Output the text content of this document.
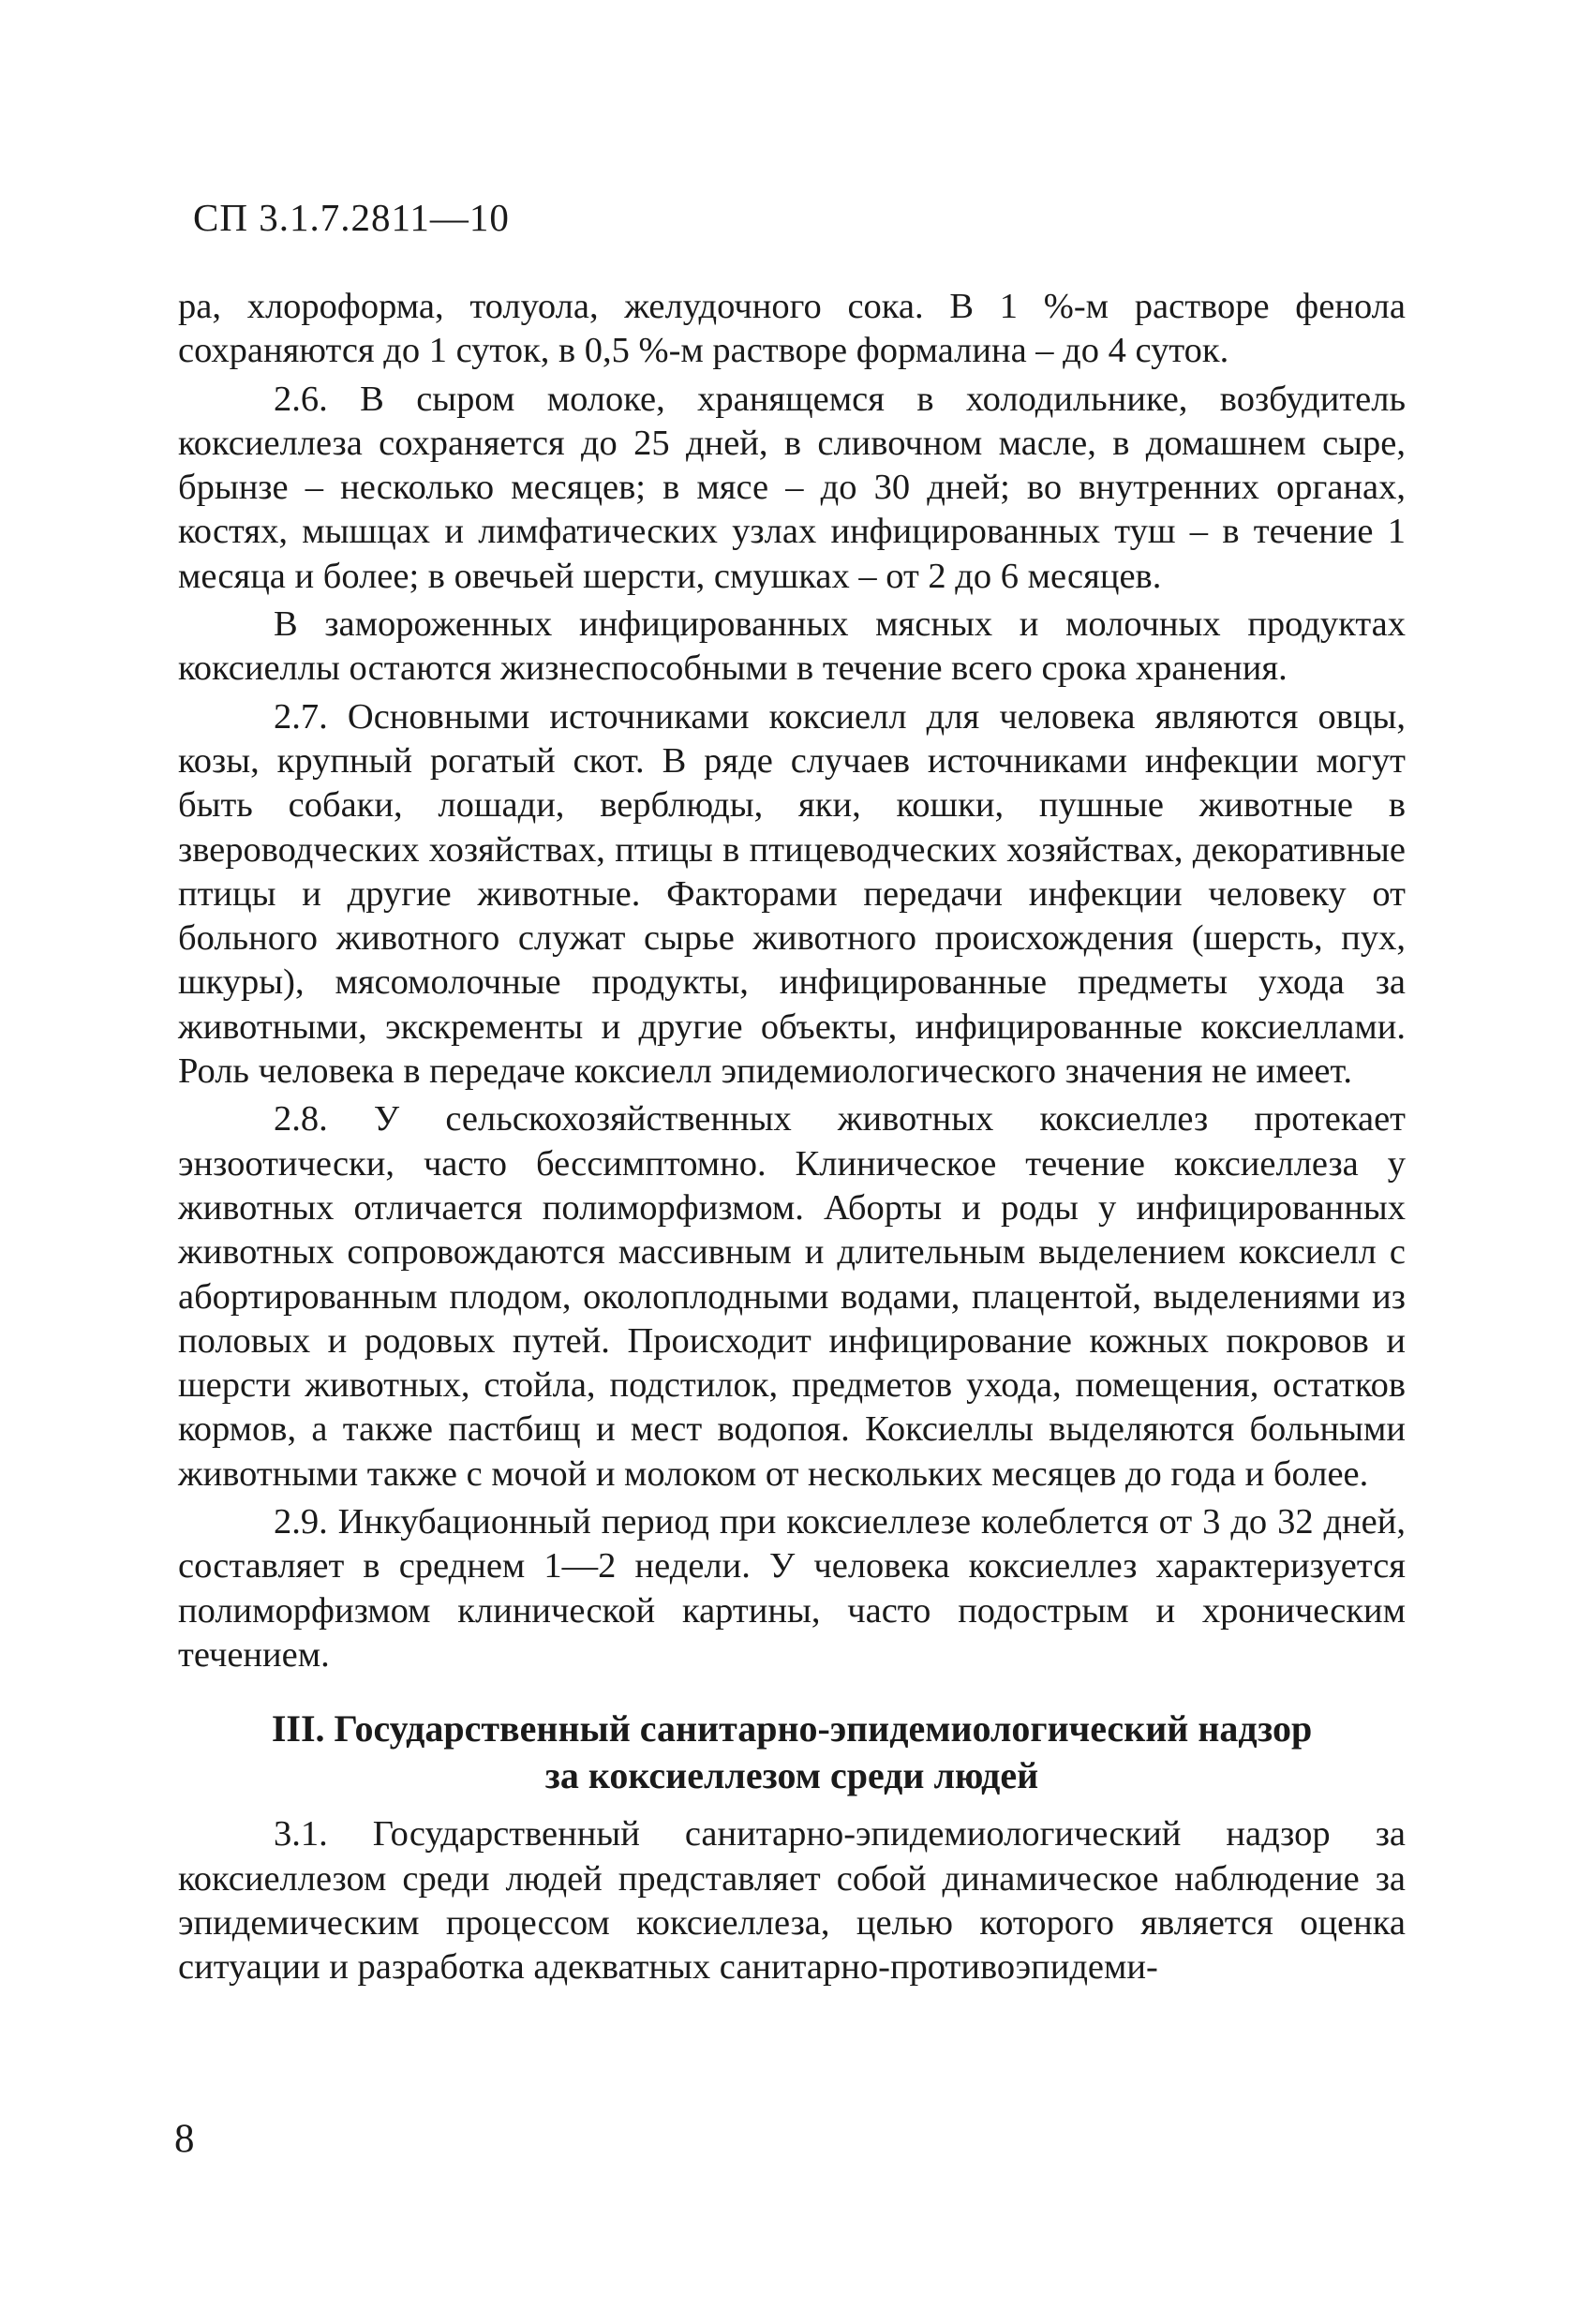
СП 3.1.7.2811—10

ра, хлороформа, толуола, желудочного сока. В 1 %-м растворе фенола сохраняются до 1 суток, в 0,5 %-м растворе формалина – до 4 суток.

2.6. В сыром молоке, хранящемся в холодильнике, возбудитель коксиеллеза сохраняется до 25 дней, в сливочном масле, в домашнем сыре, брынзе – несколько месяцев; в мясе – до 30 дней; во внутренних органах, костях, мышцах и лимфатических узлах инфицированных туш – в течение 1 месяца и более; в овечьей шерсти, смушках – от 2 до 6 месяцев.

В замороженных инфицированных мясных и молочных продуктах коксиеллы остаются жизнеспособными в течение всего срока хранения.

2.7. Основными источниками коксиелл для человека являются овцы, козы, крупный рогатый скот. В ряде случаев источниками инфекции могут быть собаки, лошади, верблюды, яки, кошки, пушные животные в звероводческих хозяйствах, птицы в птицеводческих хозяйствах, декоративные птицы и другие животные. Факторами передачи инфекции человеку от больного животного служат сырье животного происхождения (шерсть, пух, шкуры), мясомолочные продукты, инфицированные предметы ухода за животными, экскременты и другие объекты, инфицированные коксиеллами. Роль человека в передаче коксиелл эпидемиологического значения не имеет.

2.8. У сельскохозяйственных животных коксиеллез протекает энзоотически, часто бессимптомно. Клиническое течение коксиеллеза у животных отличается полиморфизмом. Аборты и роды у инфицированных животных сопровождаются массивным и длительным выделением коксиелл с абортированным плодом, околоплодными водами, плацентой, выделениями из половых и родовых путей. Происходит инфицирование кожных покровов и шерсти животных, стойла, подстилок, предметов ухода, помещения, остатков кормов, а также пастбищ и мест водопоя. Коксиеллы выделяются больными животными также с мочой и молоком от нескольких месяцев до года и более.

2.9. Инкубационный период при коксиеллезе колеблется от 3 до 32 дней, составляет в среднем 1—2 недели. У человека коксиеллез характеризуется полиморфизмом клинической картины, часто подострым и хроническим течением.

III. Государственный санитарно-эпидемиологический надзор
за коксиеллезом среди людей

3.1. Государственный санитарно-эпидемиологический надзор за коксиеллезом среди людей представляет собой динамическое наблюдение за эпидемическим процессом коксиеллеза, целью которого является оценка ситуации и разработка адекватных санитарно-противоэпидеми-

8
